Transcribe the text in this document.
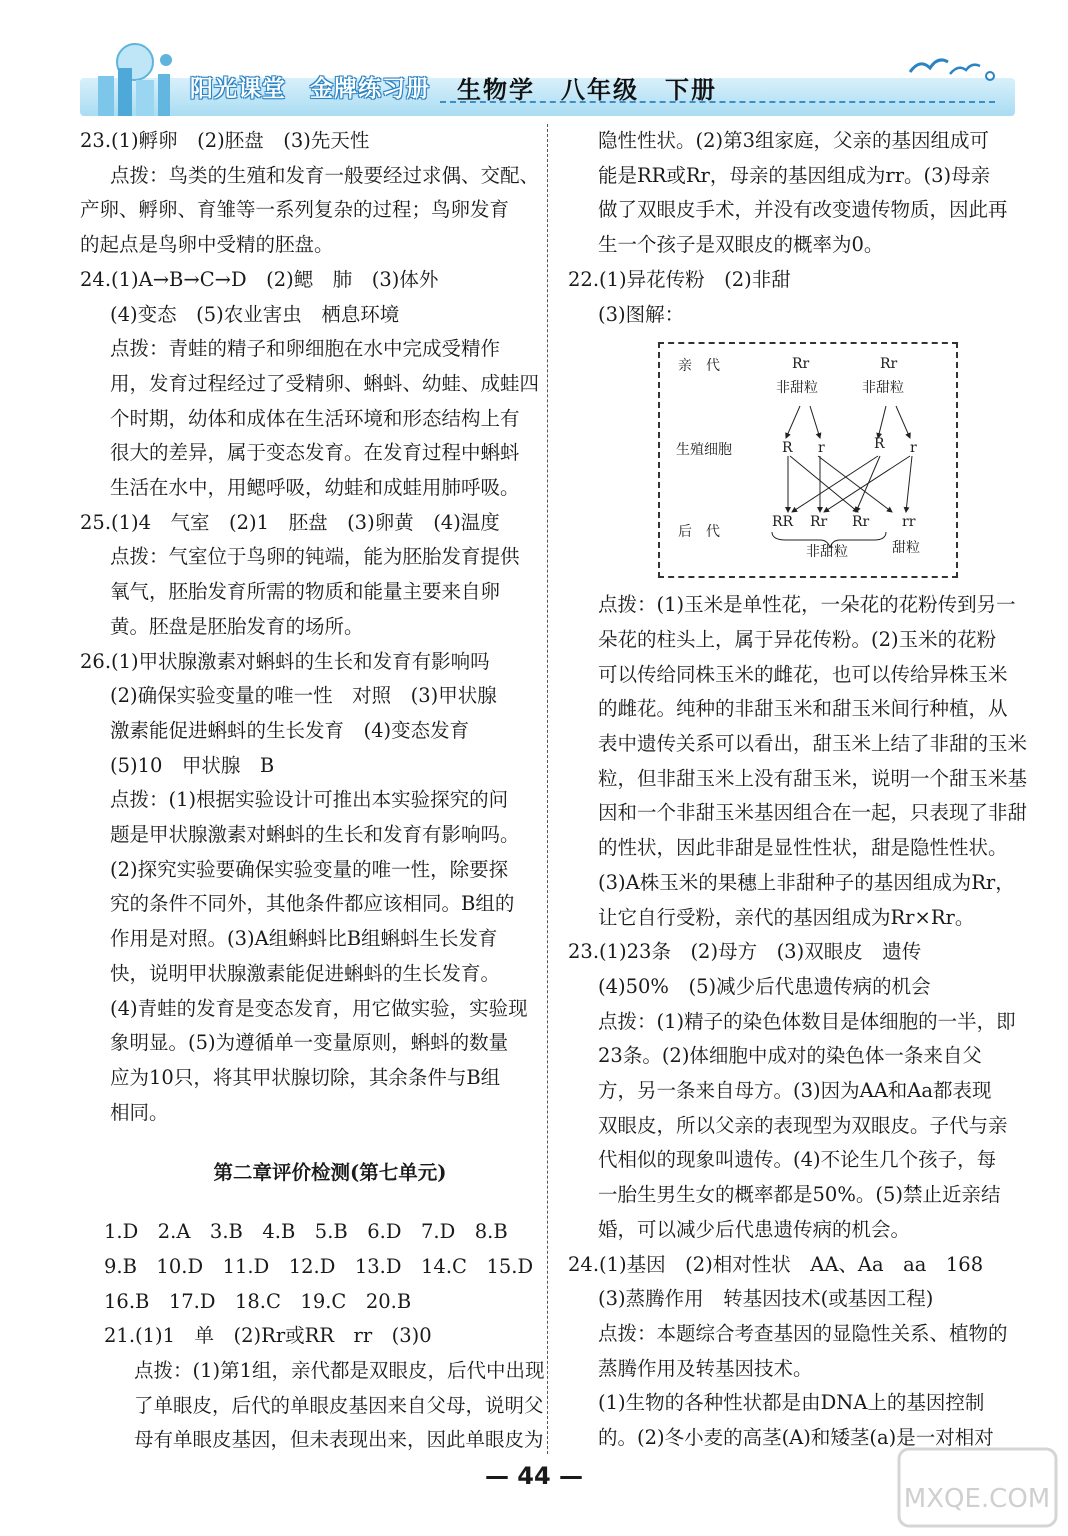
阳光课堂　金牌练习册 生物学　八年级　下册
23.(1)孵卵　(2)胚盘　(3)先天性
点拨：鸟类的生殖和发育一般要经过求偶、交配、
产卵、孵卵、育雏等一系列复杂的过程；鸟卵发育
的起点是鸟卵中受精的胚盘。
24.(1)A→B→C→D　(2)鳃　肺　(3)体外
(4)变态　(5)农业害虫　栖息环境
点拨：青蛙的精子和卵细胞在水中完成受精作
用，发育过程经过了受精卵、蝌蚪、幼蛙、成蛙四
个时期，幼体和成体在生活环境和形态结构上有
很大的差异，属于变态发育。在发育过程中蝌蚪
生活在水中，用鳃呼吸，幼蛙和成蛙用肺呼吸。
25.(1)4　气室　(2)1　胚盘　(3)卵黄　(4)温度
点拨：气室位于鸟卵的钝端，能为胚胎发育提供
氧气，胚胎发育所需的物质和能量主要来自卵
黄。胚盘是胚胎发育的场所。
26.(1)甲状腺激素对蝌蚪的生长和发育有影响吗
(2)确保实验变量的唯一性　对照　(3)甲状腺
激素能促进蝌蚪的生长发育　(4)变态发育
(5)10　甲状腺　B
点拨：(1)根据实验设计可推出本实验探究的问
题是甲状腺激素对蝌蚪的生长和发育有影响吗。
(2)探究实验要确保实验变量的唯一性，除要探
究的条件不同外，其他条件都应该相同。B组的
作用是对照。(3)A组蝌蚪比B组蝌蚪生长发育
快，说明甲状腺激素能促进蝌蚪的生长发育。
(4)青蛙的发育是变态发育，用它做实验，实验现
象明显。(5)为遵循单一变量原则，蝌蚪的数量
应为10只，将其甲状腺切除，其余条件与B组
相同。
第二章评价检测(第七单元)
1.D　2.A　3.B　4.B　5.B　6.D　7.D　8.B
9.B　10.D　11.D　12.D　13.D　14.C　15.D
16.B　17.D　18.C　19.C　20.B
21.(1)1　单　(2)Rr或RR　rr　(3)0
点拨：(1)第1组，亲代都是双眼皮，后代中出现
了单眼皮，后代的单眼皮基因来自父母，说明父
母有单眼皮基因，但未表现出来，因此单眼皮为
隐性性状。(2)第3组家庭，父亲的基因组成可
能是RR或Rr，母亲的基因组成为rr。(3)母亲
做了双眼皮手术，并没有改变遗传物质，因此再
生一个孩子是双眼皮的概率为0。
22.(1)异花传粉　(2)非甜
(3)图解：
亲　代	Rr	Rr
非甜粒	非甜粒
生殖细胞	R r	R r
后　代
RR Rr Rr rr
非甜粒	甜粒
点拨：(1)玉米是单性花，一朵花的花粉传到另一
朵花的柱头上，属于异花传粉。(2)玉米的花粉
可以传给同株玉米的雌花，也可以传给异株玉米
的雌花。纯种的非甜玉米和甜玉米间行种植，从
表中遗传关系可以看出，甜玉米上结了非甜的玉米
粒，但非甜玉米上没有甜玉米，说明一个甜玉米基
因和一个非甜玉米基因组合在一起，只表现了非甜
的性状，因此非甜是显性性状，甜是隐性性状。
(3)A株玉米的果穗上非甜种子的基因组成为Rr，
让它自行受粉，亲代的基因组成为Rr×Rr。
23.(1)23条　(2)母方　(3)双眼皮　遗传
(4)50%　(5)减少后代患遗传病的机会
点拨：(1)精子的染色体数目是体细胞的一半，即
23条。(2)体细胞中成对的染色体一条来自父
方，另一条来自母方。(3)因为AA和Aa都表现
双眼皮，所以父亲的表现型为双眼皮。子代与亲
代相似的现象叫遗传。(4)不论生几个孩子，每
一胎生男生女的概率都是50%。(5)禁止近亲结
婚，可以减少后代患遗传病的机会。
24.(1)基因　(2)相对性状　AA、Aa　aa　168
(3)蒸腾作用　转基因技术(或基因工程)
点拨：本题综合考查基因的显隐性关系、植物的
蒸腾作用及转基因技术。
(1)生物的各种性状都是由DNA上的基因控制
的。(2)冬小麦的高茎(A)和矮茎(a)是一对相对
— 44 —
MXQE.COM
